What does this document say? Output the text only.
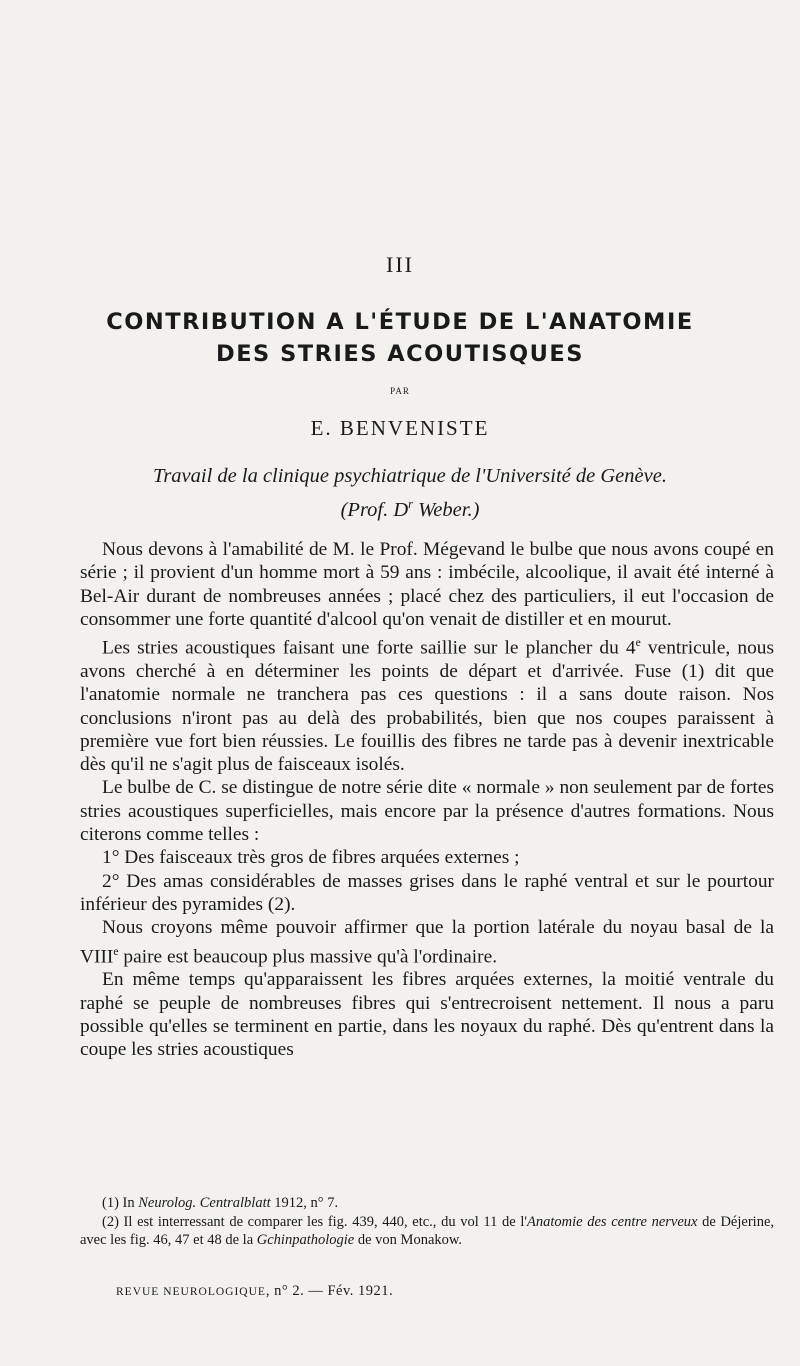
III
CONTRIBUTION A L'ÉTUDE DE L'ANATOMIE
DES STRIES ACOUTISQUES
PAR
E. BENVENISTE
Travail de la clinique psychiatrique de l'Université de Genève.
(Prof. $D^r$ Weber.)

Nous devons à l'amabilité de M. le Prof. Mégevand le bulbe que nous avons coupé en série ; il provient d'un homme mort à 59 ans : imbécile, alcoolique, il avait été interné à Bel-Air durant de nombreuses années ; placé chez des particuliers, il eut l'occasion de consommer une forte quantité d'alcool qu'on venait de distiller et en mourut.

Les stries acoustiques faisant une forte saillie sur le plancher du 4e ventricule, nous avons cherché à en déterminer les points de départ et d'arrivée. Fuse (1) dit que l'anatomie normale ne tranchera pas ces questions : il a sans doute raison. Nos conclusions n'iront pas au delà des probabilités, bien que nos coupes paraissent à première vue fort bien réussies. Le fouillis des fibres ne tarde pas à devenir inextricable dès qu'il ne s'agit plus de faisceaux isolés.

Le bulbe de C. se distingue de notre série dite « normale » non seulement par de fortes stries acoustiques superficielles, mais encore par la présence d'autres formations. Nous citerons comme telles :

1° Des faisceaux très gros de fibres arquées externes ;

2° Des amas considérables de masses grises dans le raphé ventral et sur le pourtour inférieur des pyramides (2).

Nous croyons même pouvoir affirmer que la portion latérale du noyau basal de la VIIIe paire est beaucoup plus massive qu'à l'ordinaire.

En même temps qu'apparaissent les fibres arquées externes, la moitié ventrale du raphé se peuple de nombreuses fibres qui s'entrecroisent nettement. Il nous a paru possible qu'elles se terminent en partie, dans les noyaux du raphé. Dès qu'entrent dans la coupe les stries acoustiques

(1) In Neurolog. Centralblatt 1912, n° 7.

(2) Il est interressant de comparer les fig. 439, 440, etc., du vol 11 de l'Anatomie des centre nerveux de Déjerine, avec les fig. 46, 47 et 48 de la Gchinpathologie de von Monakow.

REVUE NEUROLOGIQUE, n° 2. — Fév. 1921.
